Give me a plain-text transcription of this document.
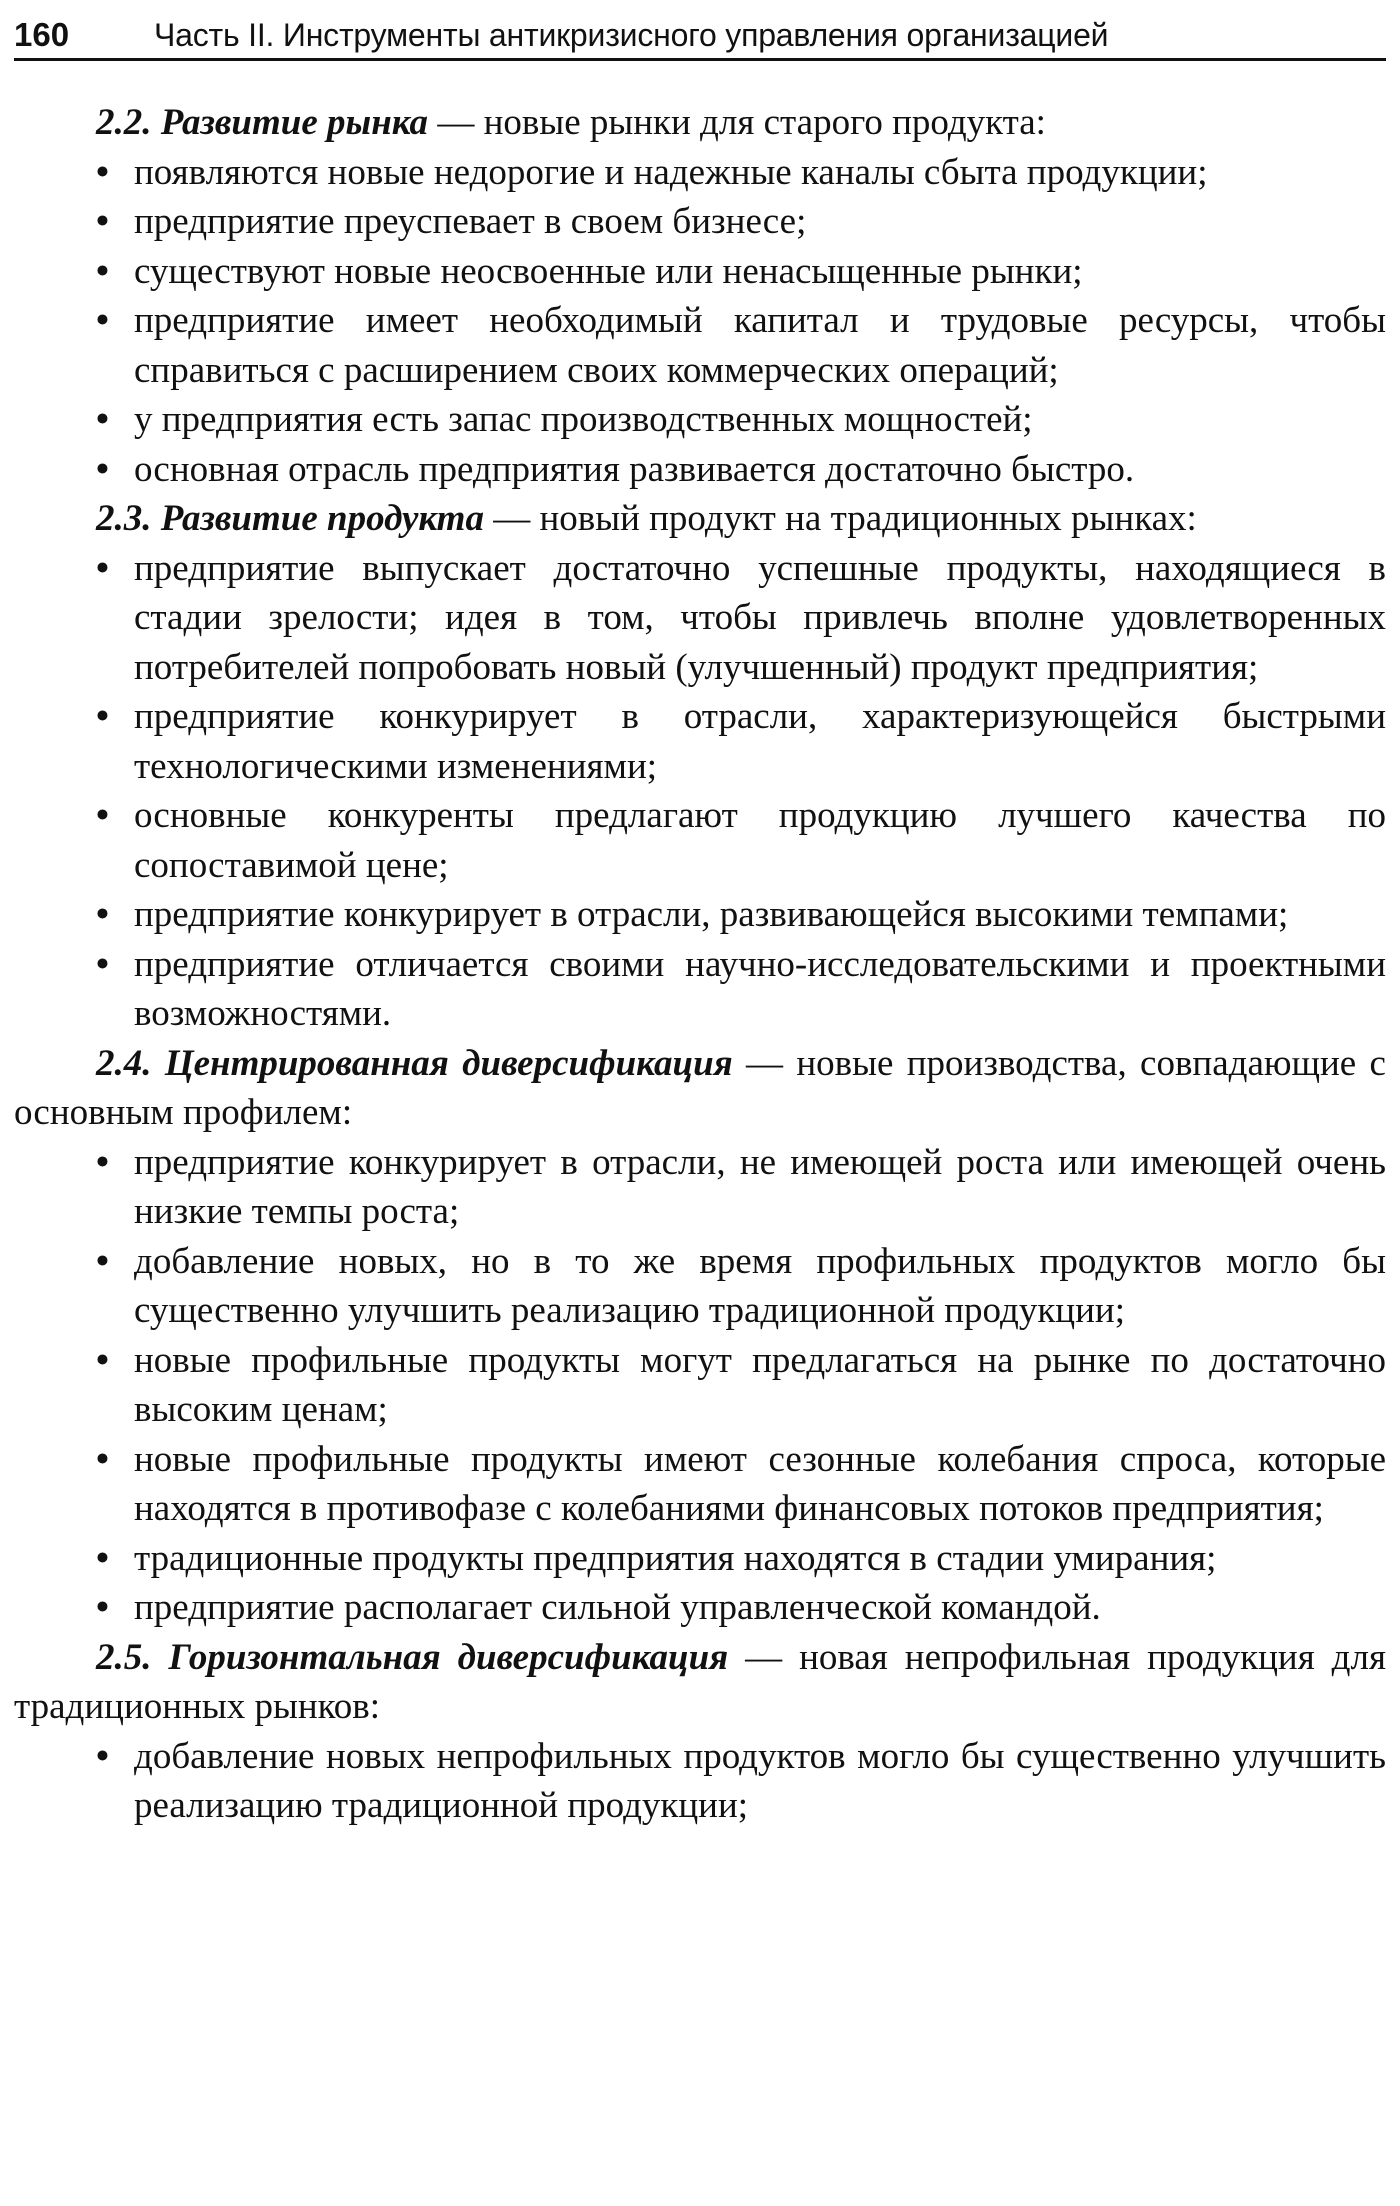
160	Часть II. Инструменты антикризисного управления организацией

2.2. Развитие рынка — новые рынки для старого продукта:

• появляются новые недорогие и надежные каналы сбыта продукции;
• предприятие преуспевает в своем бизнесе;
• существуют новые неосвоенные или ненасыщенные рынки;
• предприятие имеет необходимый капитал и трудовые ресурсы, чтобы справиться с расширением своих коммерческих операций;
• у предприятия есть запас производственных мощностей;
• основная отрасль предприятия развивается достаточно быстро.

2.3. Развитие продукта — новый продукт на традиционных рынках:

• предприятие выпускает достаточно успешные продукты, находящиеся в стадии зрелости; идея в том, чтобы привлечь вполне удовлетворенных потребителей попробовать новый (улучшенный) продукт предприятия;
• предприятие конкурирует в отрасли, характеризующейся быстрыми технологическими изменениями;
• основные конкуренты предлагают продукцию лучшего качества по сопоставимой цене;
• предприятие конкурирует в отрасли, развивающейся высокими темпами;
• предприятие отличается своими научно-исследовательскими и проектными возможностями.

2.4. Центрированная диверсификация — новые производства, совпадающие с основным профилем:

• предприятие конкурирует в отрасли, не имеющей роста или имеющей очень низкие темпы роста;
• добавление новых, но в то же время профильных продуктов могло бы существенно улучшить реализацию традиционной продукции;
• новые профильные продукты могут предлагаться на рынке по достаточно высоким ценам;
• новые профильные продукты имеют сезонные колебания спроса, которые находятся в противофазе с колебаниями финансовых потоков предприятия;
• традиционные продукты предприятия находятся в стадии умирания;
• предприятие располагает сильной управленческой командой.

2.5. Горизонтальная диверсификация — новая непрофильная продукция для традиционных рынков:

• добавление новых непрофильных продуктов могло бы существенно улучшить реализацию традиционной продукции;
